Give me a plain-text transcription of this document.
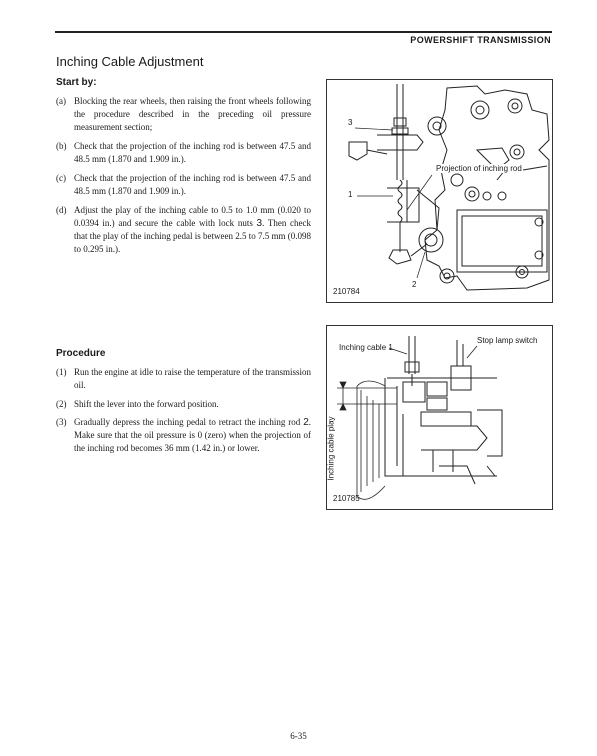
POWERSHIFT TRANSMISSION
Inching Cable Adjustment
Start by:
(a) Blocking the rear wheels, then raising the front wheels following the procedure described in the preceding oil pressure measurement section;
(b) Check that the projection of the inching rod is between 47.5 and 48.5 mm (1.870 and 1.909 in.).
(c) Check that the projection of the inching rod is between 47.5 and 48.5 mm (1.870 and 1.909 in.).
(d) Adjust the play of the inching cable to 0.5 to 1.0 mm (0.020 to 0.0394 in.) and secure the cable with lock nuts 3. Then check that the play of the inching pedal is between 2.5 to 7.5 mm (0.098 to 0.295 in.).
Procedure
(1) Run the engine at idle to raise the temperature of the transmission oil.
(2) Shift the lever into the forward position.
(3) Gradually depress the inching pedal to retract the inching rod 2. Make sure that the oil pressure is 0 (zero) when the projection of the inching rod becomes 36 mm (1.42 in.) or lower.
3
1
2
Projection of inching rod
210784
Inching cable 1
Stop lamp switch
Inching cable play
210785
6-35
